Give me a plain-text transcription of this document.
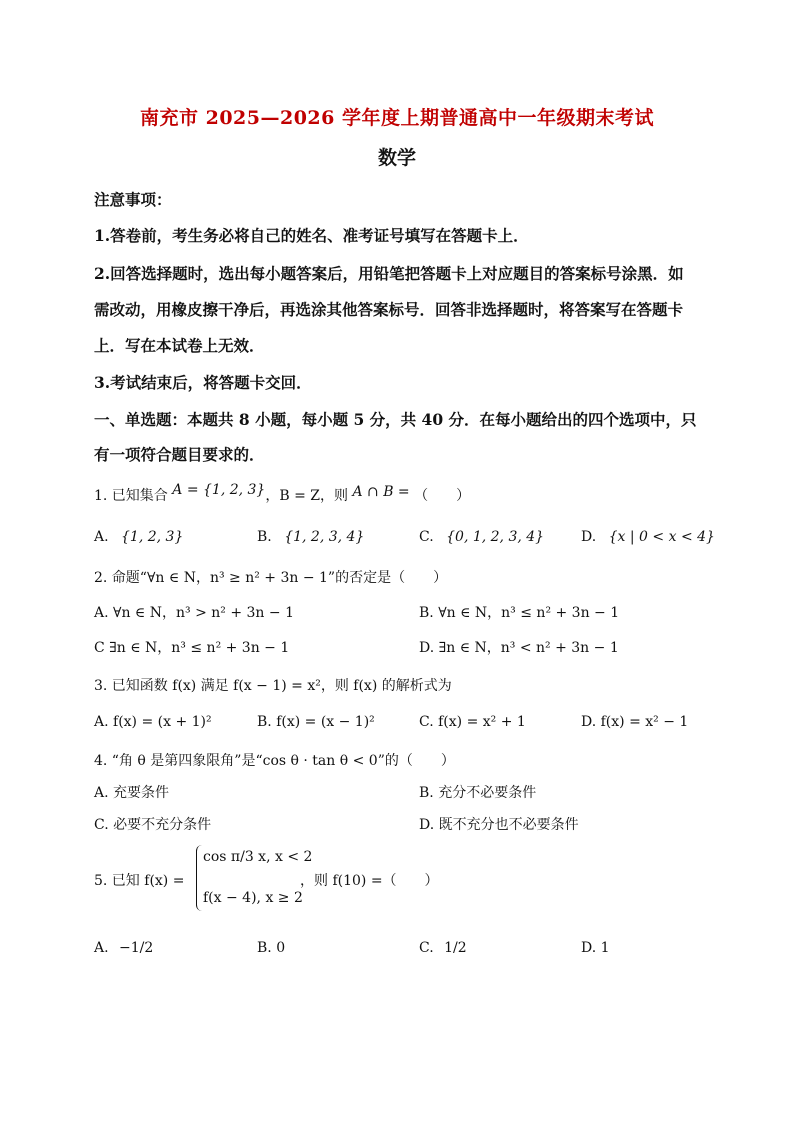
南充市 2025—2026 学年度上期普通高中一年级期末考试
数学
注意事项：
1.答卷前，考生务必将自己的姓名、准考证号填写在答题卡上．
2.回答选择题时，选出每小题答案后，用铅笔把答题卡上对应题目的答案标号涂黑．如
需改动，用橡皮擦干净后，再选涂其他答案标号．回答非选择题时，将答案写在答题卡
上．写在本试卷上无效．
3.考试结束后，将答题卡交回．
一、单选题：本题共 8 小题，每小题 5 分，共 40 分．在每小题给出的四个选项中，只
有一项符合题目要求的．
1. 已知集合 A = {1, 2, 3}，B = Z，则 A ∩ B = （　　）
A. {1, 2, 3}	B. {1, 2, 3, 4}	C. {0, 1, 2, 3, 4}	D. {x | 0 < x < 4}
2. 命题“∀n ∈ N，n³ ≥ n² + 3n − 1”的否定是（　　）
A. ∀n ∈ N，n³ > n² + 3n − 1	B. ∀n ∈ N，n³ ≤ n² + 3n − 1
C ∃n ∈ N，n³ ≤ n² + 3n − 1	D. ∃n ∈ N，n³ < n² + 3n − 1
3. 已知函数 f(x) 满足 f(x − 1) = x²，则 f(x) 的解析式为
A. f(x) = (x + 1)²	B. f(x) = (x − 1)²	C. f(x) = x² + 1	D. f(x) = x² − 1
4. “角 θ 是第四象限角”是“cos θ · tan θ < 0”的（　　）
A. 充要条件	B. 充分不必要条件
C. 必要不充分条件	D. 既不充分也不必要条件
5. 已知 f(x) =
cos π/3 x, x < 2
f(x − 4), x ≥ 2
，则 f(10) =（　　）
A. −1/2	B. 0	C. 1/2	D. 1
